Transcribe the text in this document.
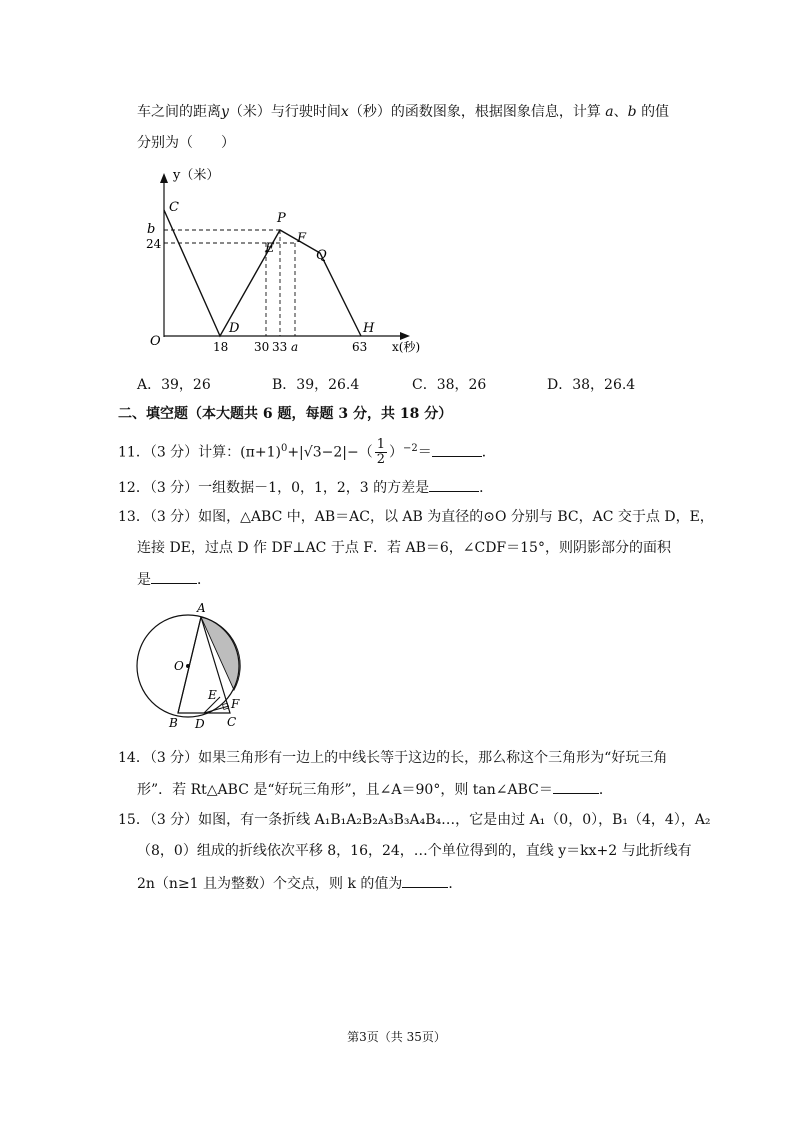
车之间的距离y（米）与行驶时间x（秒）的函数图象，根据图象信息，计算 a、b 的值
分别为（　　）
y（米）
C
b
24
P
E
F
Q
D	H
O	18 30 33 a	63 x(秒)
A．39，26	B．39，26.4	C．38，26	D．38，26.4
二、填空题（本大题共 6 题，每题 3 分，共 18 分）
11．（3 分）计算：$(\pi+1)^0+|√3-2|-( \frac{1}{2} )^{-2}=$	．
12．（3 分）一组数据－1，0，1，2，3 的方差是	．
13．（3 分）如图，△ABC 中，AB＝AC，以 AB 为直径的⊙O 分别与 BC，AC 交于点 D，E，
连接 DE，过点 D 作 DF⊥AC 于点 F．若 AB＝6，∠CDF＝15°，则阴影部分的面积
是	．
A
O
E
F
B D C
14．（3 分）如果三角形有一边上的中线长等于这边的长，那么称这个三角形为“好玩三角
形”．若 Rt△ABC 是“好玩三角形”，且∠A＝90°，则 tan∠ABC＝	．
15．（3 分）如图，有一条折线 A₁B₁A₂B₂A₃B₃A₄B₄…，它是由过 A₁（0，0），B₁（4，4），A₂
（8，0）组成的折线依次平移 8，16，24，…个单位得到的，直线 y＝kx+2 与此折线有
2n（n≥1 且为整数）个交点，则 k 的值为	．
第3页（共 35页）
